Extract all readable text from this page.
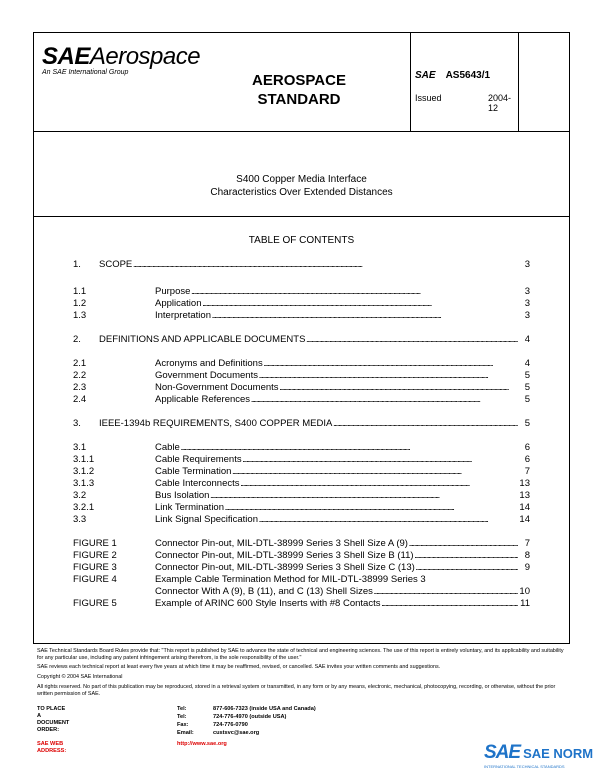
SAEAerospace
An SAE International Group	AEROSPACE
STANDARD
SAE AS5643/1
Issued	2004-12
S400 Copper Media Interface
Characteristics Over Extended Distances
TABLE OF CONTENTS
1. SCOPE . . .	3
1.1	Purpose . . .	3
1.2	Application . . .	3
1.3	Interpretation . . .	3
2. DEFINITIONS AND APPLICABLE DOCUMENTS . . .	4
2.1	Acronyms and Definitions . . .	4
2.2	Government Documents . . .	5
2.3	Non-Government Documents . . .	5
2.4	Applicable References . . .	5
3. IEEE-1394b REQUIREMENTS, S400 COPPER MEDIA . . .	5
3.1	Cable . . .	6
3.1.1	Cable Requirements . . .	6
3.1.2	Cable Termination . . .	7
3.1.3	Cable Interconnects . . .	13
3.2	Bus Isolation . . .	13
3.2.1	Link Termination . . .	14
3.3	Link Signal Specification . . .	14
FIGURE 1	Connector Pin-out, MIL-DTL-38999 Series 3 Shell Size A (9) . . .	7
FIGURE 2	Connector Pin-out, MIL-DTL-38999 Series 3 Shell Size B (11) . . .	8
FIGURE 3	Connector Pin-out, MIL-DTL-38999 Series 3 Shell Size C (13) . . .	9
FIGURE 4	Example Cable Termination Method for MIL-DTL-38999 Series 3
Connector With A (9), B (11), and C (13) Shell Sizes . . .	10
FIGURE 5	Example of ARINC 600 Style Inserts with #8 Contacts . . .	11
SAE Technical Standards Board Rules provide that: "This report is published by SAE to advance the state of technical and engineering sciences. The use of this report is entirely voluntary, and its applicability and suitability for any particular use, including any patent infringement arising therefrom, is the sole responsibility of the user."
SAE reviews each technical report at least every five years at which time it may be reaffirmed, revised, or cancelled. SAE invites your written comments and suggestions.
Copyright © 2004 SAE International
All rights reserved. No part of this publication may be reproduced, stored in a retrieval system or transmitted, in any form or by any means, electronic, mechanical, photocopying, recording, or otherwise, without the prior written permission of SAE.
TO PLACE A DOCUMENT ORDER:
Tel:	877-606-7323 (inside USA and Canada)
Tel:	724-776-4970 (outside USA)
Fax:	724-776-0790
Email:	custsvc@sae.org
SAE WEB ADDRESS:
http://www.sae.org	SAE SAE NORM
INTERNATIONAL TECHNICAL STANDARDS
